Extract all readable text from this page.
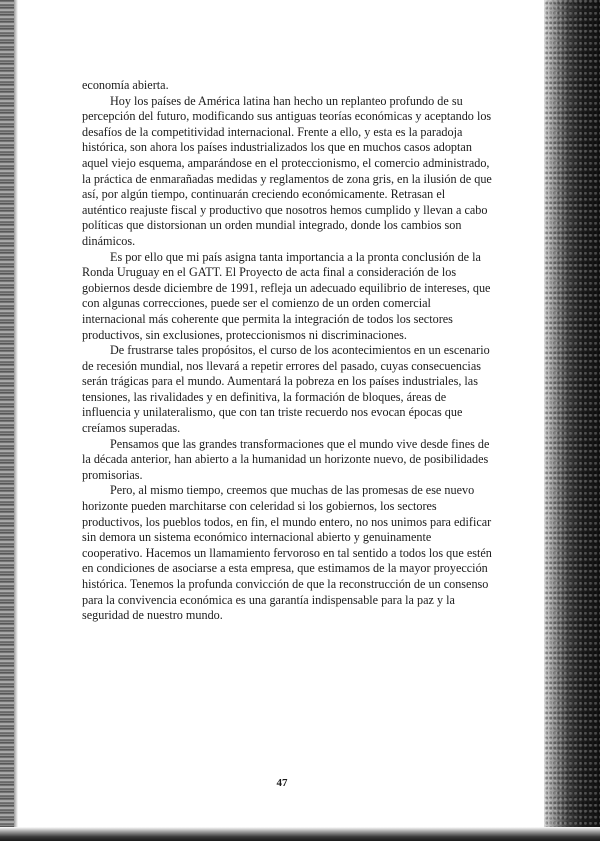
economía abierta.

Hoy los países de América latina han hecho un replanteo profundo de su percepción del futuro, modificando sus antiguas teorías económicas y aceptando los desafíos de la competitividad internacional. Frente a ello, y esta es la paradoja histórica, son ahora los países industrializados los que en muchos casos adoptan aquel viejo esquema, amparándose en el proteccionismo, el comercio administrado, la práctica de enmarañadas medidas y reglamentos de zona gris, en la ilusión de que así, por algún tiempo, continuarán creciendo económicamente. Retrasan el auténtico reajuste fiscal y productivo que nosotros hemos cumplido y llevan a cabo políticas que distorsionan un orden mundial integrado, donde los cambios son dinámicos.

Es por ello que mi país asigna tanta importancia a la pronta conclusión de la Ronda Uruguay en el GATT. El Proyecto de acta final a consideración de los gobiernos desde diciembre de 1991, refleja un adecuado equilibrio de intereses, que con algunas correcciones, puede ser el comienzo de un orden comercial internacional más coherente que permita la integración de todos los sectores productivos, sin exclusiones, proteccionismos ni discriminaciones.

De frustrarse tales propósitos, el curso de los acontecimientos en un escenario de recesión mundial, nos llevará a repetir errores del pasado, cuyas consecuencias serán trágicas para el mundo. Aumentará la pobreza en los países industriales, las tensiones, las rivalidades y en definitiva, la formación de bloques, áreas de influencia y unilateralismo, que con tan triste recuerdo nos evocan épocas que creíamos superadas.

Pensamos que las grandes transformaciones que el mundo vive desde fines de la década anterior, han abierto a la humanidad un horizonte nuevo, de posibilidades promisorias.

Pero, al mismo tiempo, creemos que muchas de las promesas de ese nuevo horizonte pueden marchitarse con celeridad si los gobiernos, los sectores productivos, los pueblos todos, en fin, el mundo entero, no nos unimos para edificar sin demora un sistema económico internacional abierto y genuinamente cooperativo. Hacemos un llamamiento fervoroso en tal sentido a todos los que estén en condiciones de asociarse a esta empresa, que estimamos de la mayor proyección histórica. Tenemos la profunda convicción de que la reconstrucción de un consenso para la convivencia económica es una garantía indispensable para la paz y la seguridad de nuestro mundo.

47
